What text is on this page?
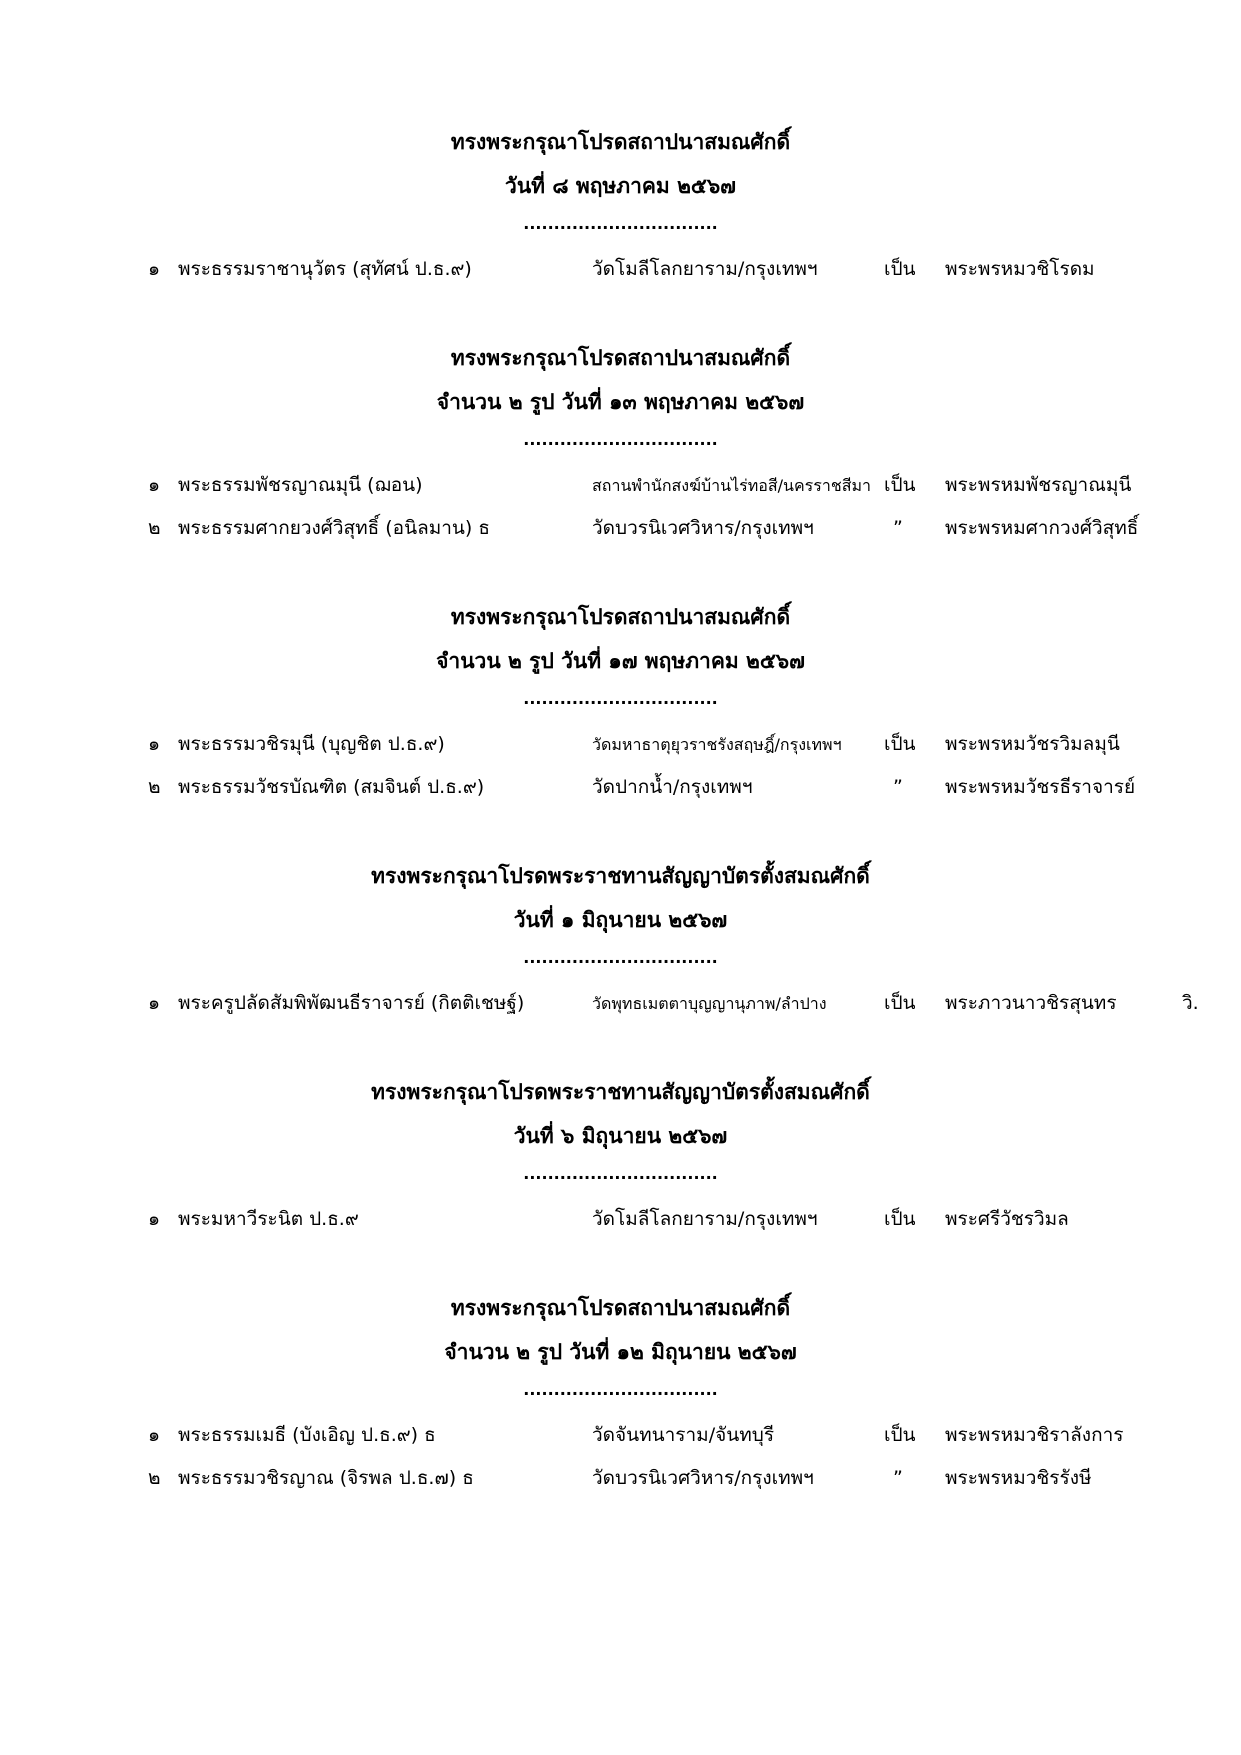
ทรงพระกรุณาโปรดสถาปนาสมณศักดิ์
วันที่ ๘ พฤษภาคม ๒๕๖๗
................................
๑ พระธรรมราชานุวัตร (สุทัศน์ ป.ธ.๙)	วัดโมลีโลกยาราม/กรุงเทพฯ	เป็น พระพรหมวชิโรดม
ทรงพระกรุณาโปรดสถาปนาสมณศักดิ์
จำนวน ๒ รูป วันที่ ๑๓ พฤษภาคม ๒๕๖๗
................................
๑ พระธรรมพัชรญาณมุนี (ฌอน)	สถานพำนักสงฆ์บ้านไร่ทอสี/นครราชสีมา เป็น พระพรหมพัชรญาณมุนี
๒ พระธรรมศากยวงศ์วิสุทธิ์ (อนิลมาน) ธ	วัดบวรนิเวศวิหาร/กรุงเทพฯ	” พระพรหมศากวงศ์วิสุทธิ์
ทรงพระกรุณาโปรดสถาปนาสมณศักดิ์
จำนวน ๒ รูป วันที่ ๑๗ พฤษภาคม ๒๕๖๗
................................
๑ พระธรรมวชิรมุนี (บุญชิต ป.ธ.๙)	วัดมหาธาตุยุวราชรังสฤษฎิ์/กรุงเทพฯ เป็น พระพรหมวัชรวิมลมุนี
๒ พระธรรมวัชรบัณฑิต (สมจินต์ ป.ธ.๙)	วัดปากน้ำ/กรุงเทพฯ	” พระพรหมวัชรธีราจารย์
ทรงพระกรุณาโปรดพระราชทานสัญญาบัตรตั้งสมณศักดิ์
วันที่ ๑ มิถุนายน ๒๕๖๗
................................
๑ พระครูปลัดสัมพิพัฒนธีราจารย์ (กิตติเชษฐ์)	วัดพุทธเมตตาบุญญานุภาพ/ลำปาง	เป็น พระภาวนาวชิรสุนทร	วิ.
ทรงพระกรุณาโปรดพระราชทานสัญญาบัตรตั้งสมณศักดิ์
วันที่ ๖ มิถุนายน ๒๕๖๗
................................
๑ พระมหาวีระนิต ป.ธ.๙	วัดโมลีโลกยาราม/กรุงเทพฯ	เป็น พระศรีวัชรวิมล
ทรงพระกรุณาโปรดสถาปนาสมณศักดิ์
จำนวน ๒ รูป วันที่ ๑๒ มิถุนายน ๒๕๖๗
................................
๑ พระธรรมเมธี (บังเอิญ ป.ธ.๙) ธ	วัดจันทนาราม/จันทบุรี	เป็น พระพรหมวชิราลังการ
๒ พระธรรมวชิรญาณ (จิรพล ป.ธ.๗) ธ	วัดบวรนิเวศวิหาร/กรุงเทพฯ	” พระพรหมวชิรรังษี
